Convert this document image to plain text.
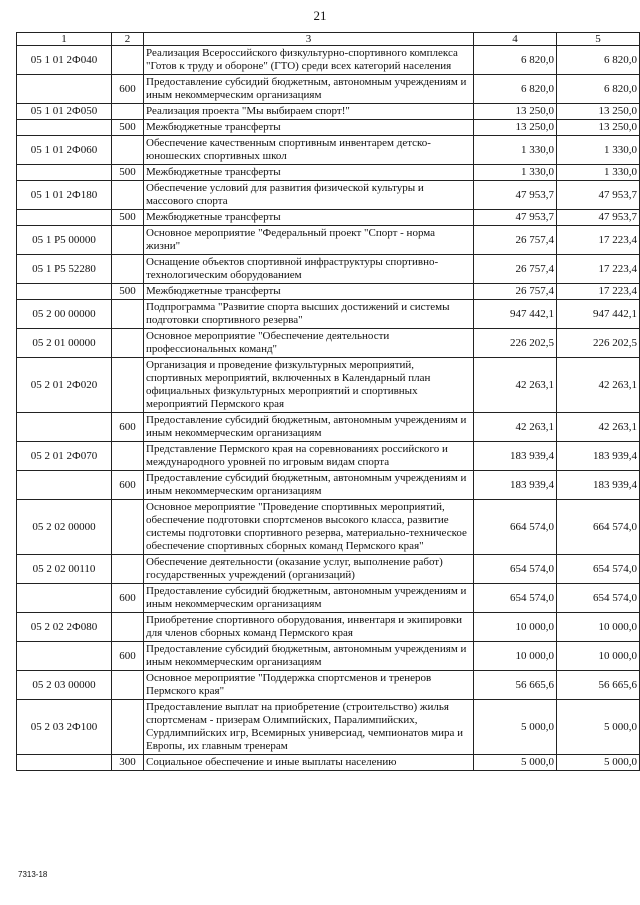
21
1	2	3	4	5
05 1 01 2Ф040		Реализация Всероссийского физкультурно-спортивного комплекса "Готов к труду и обороне" (ГТО) среди всех категорий населения	6 820,0	6 820,0
	600	Предоставление субсидий бюджетным, автономным учреждениям и иным некоммерческим организациям	6 820,0	6 820,0
05 1 01 2Ф050		Реализация проекта "Мы выбираем спорт!"	13 250,0	13 250,0
	500	Межбюджетные трансферты	13 250,0	13 250,0
05 1 01 2Ф060		Обеспечение качественным спортивным инвентарем детско-юношеских спортивных школ	1 330,0	1 330,0
	500	Межбюджетные трансферты	1 330,0	1 330,0
05 1 01 2Ф180		Обеспечение условий для развития физической культуры и массового спорта	47 953,7	47 953,7
	500	Межбюджетные трансферты	47 953,7	47 953,7
05 1 P5 00000		Основное мероприятие "Федеральный проект "Спорт - норма жизни"	26 757,4	17 223,4
05 1 P5 52280		Оснащение объектов спортивной инфраструктуры спортивно-технологическим оборудованием	26 757,4	17 223,4
	500	Межбюджетные трансферты	26 757,4	17 223,4
05 2 00 00000		Подпрограмма "Развитие спорта высших достижений и системы подготовки спортивного резерва"	947 442,1	947 442,1
05 2 01 00000		Основное мероприятие "Обеспечение деятельности профессиональных команд"	226 202,5	226 202,5
05 2 01 2Ф020		Организация и проведение физкультурных мероприятий, спортивных мероприятий, включенных в Календарный план официальных физкультурных мероприятий и спортивных мероприятий Пермского края	42 263,1	42 263,1
	600	Предоставление субсидий бюджетным, автономным учреждениям и иным некоммерческим организациям	42 263,1	42 263,1
05 2 01 2Ф070		Представление Пермского края на соревнованиях российского и международного уровней по игровым видам спорта	183 939,4	183 939,4
	600	Предоставление субсидий бюджетным, автономным учреждениям и иным некоммерческим организациям	183 939,4	183 939,4
05 2 02 00000		Основное мероприятие "Проведение спортивных мероприятий, обеспечение подготовки спортсменов высокого класса, развитие системы подготовки спортивного резерва, материально-техническое обеспечение спортивных сборных команд Пермского края"	664 574,0	664 574,0
05 2 02 00110		Обеспечение деятельности (оказание услуг, выполнение работ) государственных учреждений (организаций)	654 574,0	654 574,0
	600	Предоставление субсидий бюджетным, автономным учреждениям и иным некоммерческим организациям	654 574,0	654 574,0
05 2 02 2Ф080		Приобретение спортивного оборудования, инвентаря и экипировки для членов сборных команд Пермского края	10 000,0	10 000,0
	600	Предоставление субсидий бюджетным, автономным учреждениям и иным некоммерческим организациям	10 000,0	10 000,0
05 2 03 00000		Основное мероприятие "Поддержка спортсменов и тренеров Пермского края"	56 665,6	56 665,6
05 2 03 2Ф100		Предоставление выплат на приобретение (строительство) жилья спортсменам - призерам Олимпийских, Паралимпийских, Сурдлимпийских игр, Всемирных универсиад, чемпионатов мира и Европы, их главным тренерам	5 000,0	5 000,0
	300	Социальное обеспечение и иные выплаты населению	5 000,0	5 000,0
7313-18
